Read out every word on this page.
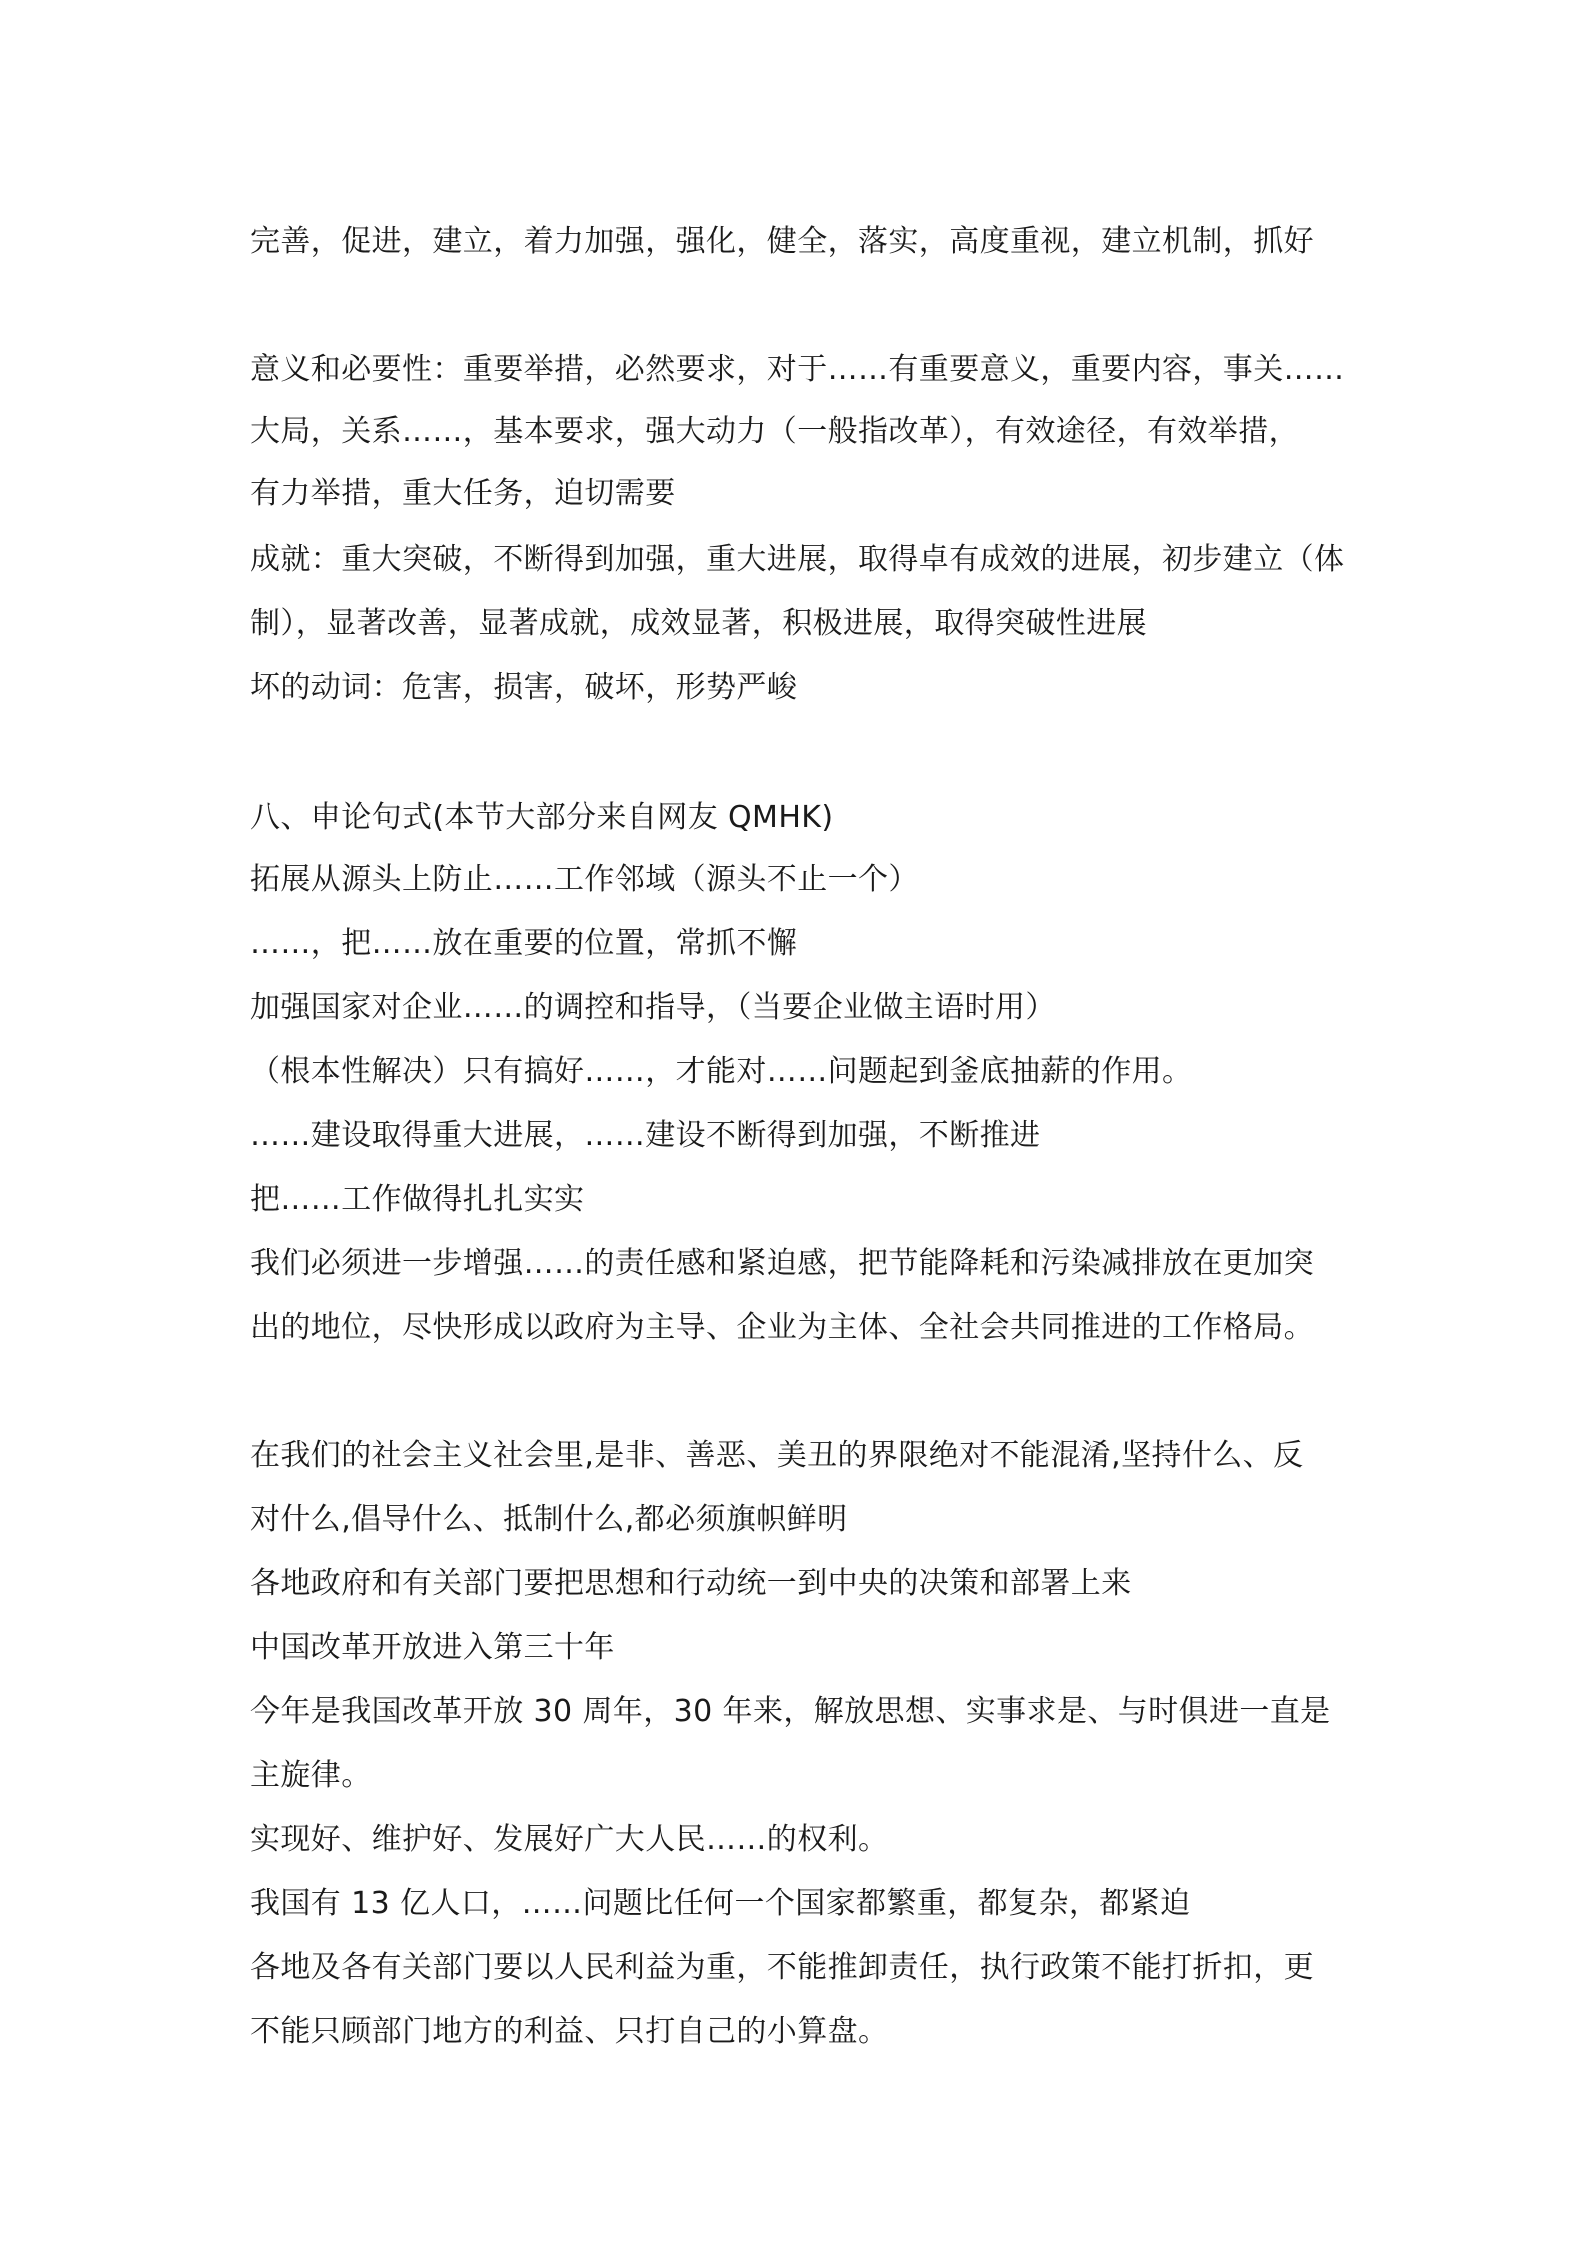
完善，促进，建立，着力加强，强化，健全，落实，高度重视，建立机制，抓好
意义和必要性：重要举措，必然要求，对于……有重要意义，重要内容，事关……
大局，关系……，基本要求，强大动力（一般指改革），有效途径，有效举措，
有力举措，重大任务，迫切需要
成就：重大突破，不断得到加强，重大进展，取得卓有成效的进展，初步建立（体
制），显著改善，显著成就，成效显著，积极进展，取得突破性进展
坏的动词：危害，损害，破坏，形势严峻
八、申论句式(本节大部分来自网友 QMHK)
拓展从源头上防止……工作邻域（源头不止一个）
……，把……放在重要的位置，常抓不懈
加强国家对企业……的调控和指导，（当要企业做主语时用）
（根本性解决）只有搞好……，才能对……问题起到釜底抽薪的作用。
……建设取得重大进展，……建设不断得到加强，不断推进
把……工作做得扎扎实实
我们必须进一步增强……的责任感和紧迫感，把节能降耗和污染减排放在更加突
出的地位，尽快形成以政府为主导、企业为主体、全社会共同推进的工作格局。
在我们的社会主义社会里,是非、善恶、美丑的界限绝对不能混淆,坚持什么、反
对什么,倡导什么、抵制什么,都必须旗帜鲜明
各地政府和有关部门要把思想和行动统一到中央的决策和部署上来
中国改革开放进入第三十年
今年是我国改革开放 30 周年，30 年来，解放思想、实事求是、与时俱进一直是
主旋律。
实现好、维护好、发展好广大人民……的权利。
我国有 13 亿人口，……问题比任何一个国家都繁重，都复杂，都紧迫
各地及各有关部门要以人民利益为重，不能推卸责任，执行政策不能打折扣，更
不能只顾部门地方的利益、只打自己的小算盘。
